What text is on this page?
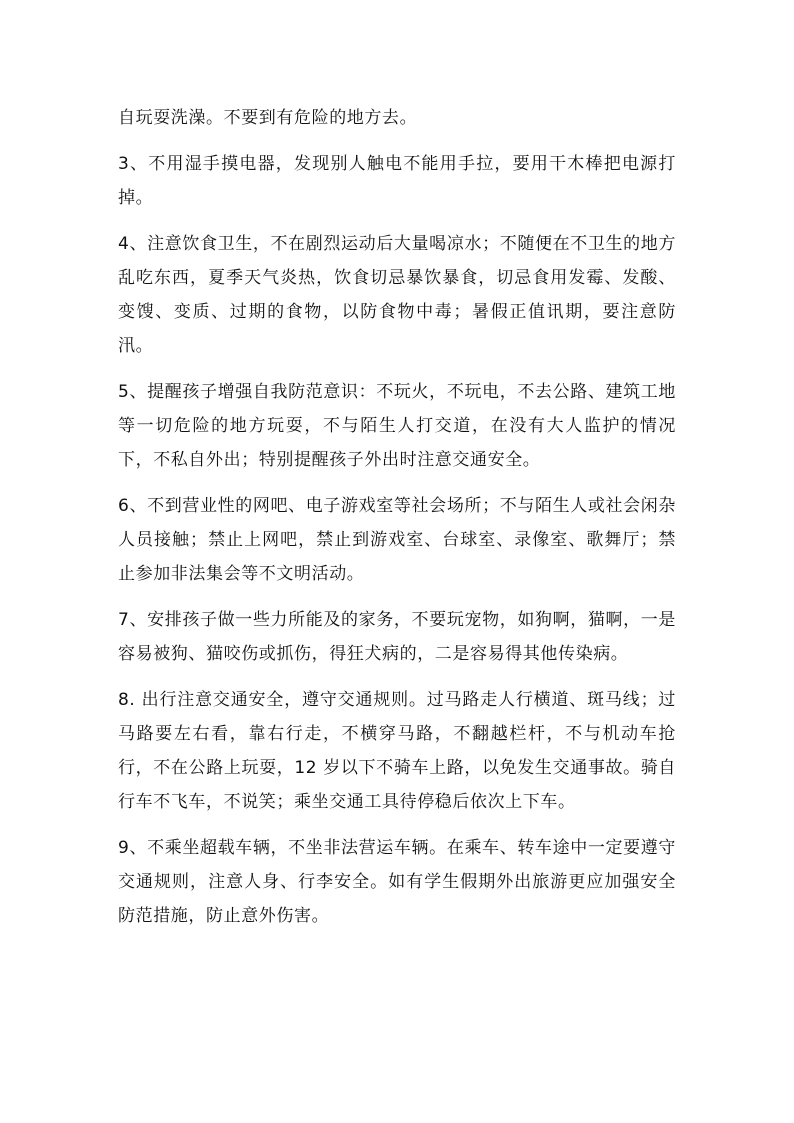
自玩耍洗澡。不要到有危险的地方去。

3、不用湿手摸电器，发现别人触电不能用手拉，要用干木棒把电源打掉。

4、注意饮食卫生，不在剧烈运动后大量喝凉水；不随便在不卫生的地方乱吃东西，夏季天气炎热，饮食切忌暴饮暴食，切忌食用发霉、发酸、变馊、变质、过期的食物，以防食物中毒；暑假正值讯期，要注意防汛。

5、提醒孩子增强自我防范意识：不玩火，不玩电，不去公路、建筑工地等一切危险的地方玩耍，不与陌生人打交道，在没有大人监护的情况下，不私自外出；特别提醒孩子外出时注意交通安全。

6、不到营业性的网吧、电子游戏室等社会场所；不与陌生人或社会闲杂人员接触；禁止上网吧，禁止到游戏室、台球室、录像室、歌舞厅；禁止参加非法集会等不文明活动。

7、安排孩子做一些力所能及的家务，不要玩宠物，如狗啊，猫啊，一是容易被狗、猫咬伤或抓伤，得狂犬病的，二是容易得其他传染病。

8. 出行注意交通安全，遵守交通规则。过马路走人行横道、斑马线；过马路要左右看，靠右行走，不横穿马路，不翻越栏杆，不与机动车抢行，不在公路上玩耍，12 岁以下不骑车上路，以免发生交通事故。骑自行车不飞车，不说笑；乘坐交通工具待停稳后依次上下车。

9、不乘坐超载车辆，不坐非法营运车辆。在乘车、转车途中一定要遵守交通规则，注意人身、行李安全。如有学生假期外出旅游更应加强安全防范措施，防止意外伤害。
